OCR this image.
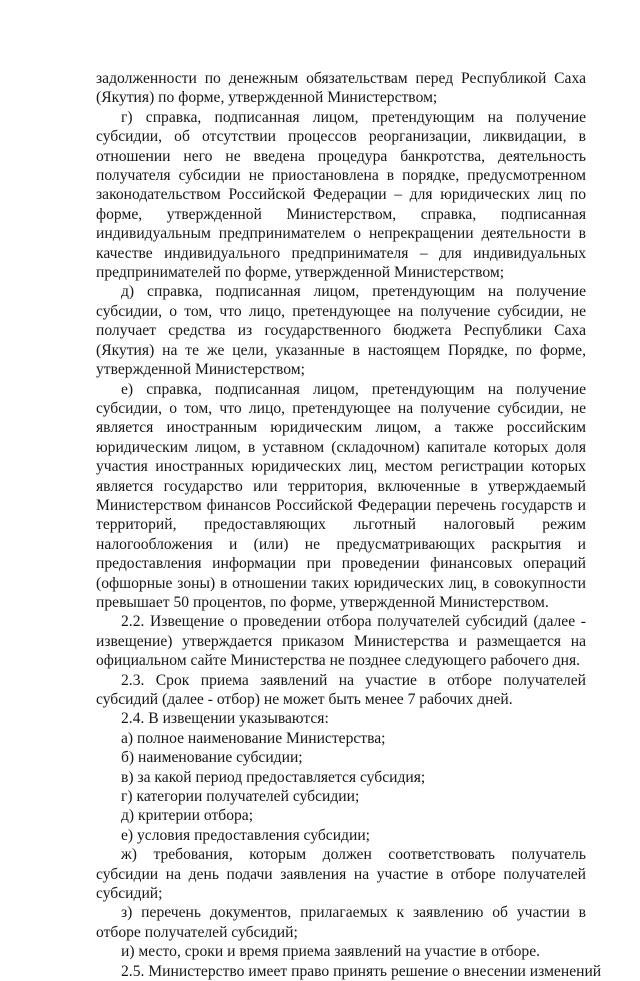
задолженности по денежным обязательствам перед Республикой Саха (Якутия) по форме, утвержденной Министерством;

г) справка, подписанная лицом, претендующим на получение субсидии, об отсутствии процессов реорганизации, ликвидации, в отношении него не введена процедура банкротства, деятельность получателя субсидии не приостановлена в порядке, предусмотренном законодательством Российской Федерации – для юридических лиц по форме, утвержденной Министерством, справка, подписанная индивидуальным предпринимателем о непрекращении деятельности в качестве индивидуального предпринимателя – для индивидуальных предпринимателей по форме, утвержденной Министерством;

д) справка, подписанная лицом, претендующим на получение субсидии, о том, что лицо, претендующее на получение субсидии, не получает средства из государственного бюджета Республики Саха (Якутия) на те же цели, указанные в настоящем Порядке, по форме, утвержденной Министерством;

е) справка, подписанная лицом, претендующим на получение субсидии, о том, что лицо, претендующее на получение субсидии, не является иностранным юридическим лицом, а также российским юридическим лицом, в уставном (складочном) капитале которых доля участия иностранных юридических лиц, местом регистрации которых является государство или территория, включенные в утверждаемый Министерством финансов Российской Федерации перечень государств и территорий, предоставляющих льготный налоговый режим налогообложения и (или) не предусматривающих раскрытия и предоставления информации при проведении финансовых операций (офшорные зоны) в отношении таких юридических лиц, в совокупности превышает 50 процентов, по форме, утвержденной Министерством.

2.2. Извещение о проведении отбора получателей субсидий (далее - извещение) утверждается приказом Министерства и размещается на официальном сайте Министерства не позднее следующего рабочего дня.

2.3. Срок приема заявлений на участие в отборе получателей субсидий (далее - отбор) не может быть менее 7 рабочих дней.

2.4. В извещении указываются:

а) полное наименование Министерства;

б) наименование субсидии;

в) за какой период предоставляется субсидия;

г) категории получателей субсидии;

д) критерии отбора;

е) условия предоставления субсидии;

ж) требования, которым должен соответствовать получатель субсидии на день подачи заявления на участие в отборе получателей субсидий;

з) перечень документов, прилагаемых к заявлению об участии в отборе получателей субсидий;

и) место, сроки и время приема заявлений на участие в отборе.

2.5. Министерство имеет право принять решение о внесении изменений
